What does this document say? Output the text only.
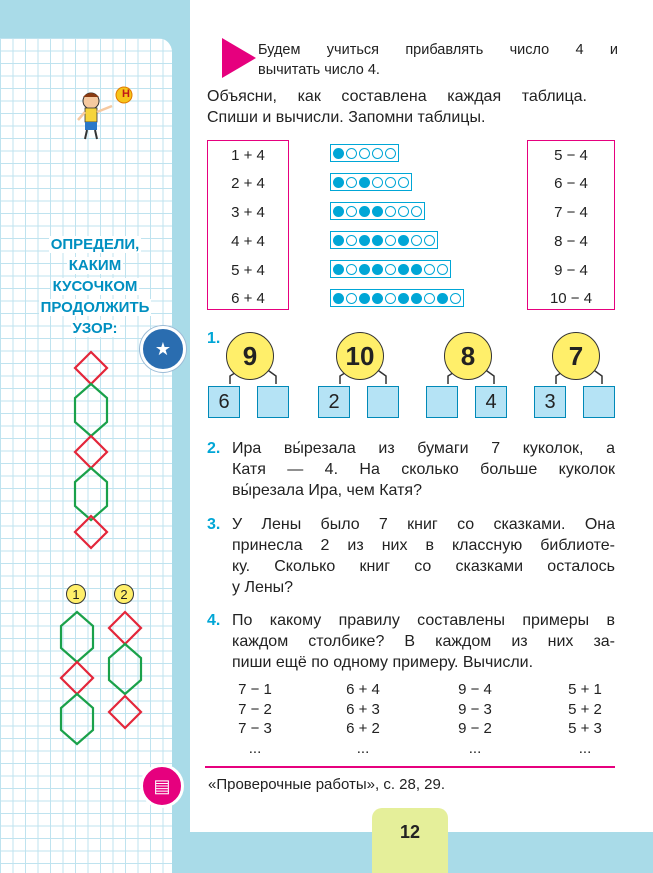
Н
ОПРЕДЕЛИ,
КАКИМ
КУСОЧКОМ
ПРОДОЛЖИТЬ
УЗОР:
★
1	2
▤
Будем учиться прибавлять число 4 и
вычитать число 4.
Объясни, как составлена каждая таблица.
Спиши и вычисли. Запомни таблицы.
1 + 4
2 + 4
3 + 4
4 + 4
5 + 4
6 + 4
5 − 4
6 − 4
7 − 4
8 − 4
9 − 4
10 − 4
1.
9
6
10
2
8
4
7
3
2. Ира вы́резала из бумаги 7 куколок, а
Катя — 4. На сколько больше куколок
вы́резала Ира, чем Катя?
3. У Лены было 7 книг со сказками. Она
принесла 2 из них в классную библиоте-
ку. Сколько книг со сказками осталось
у Лены?
4. По какому правилу составлены примеры в
каждом столбике? В каждом из них за-
пиши ещё по одному примеру. Вычисли.
7 − 1
7 − 2
7 − 3
...
6 + 4
6 + 3
6 + 2
...
9 − 4
9 − 3
9 − 2
...
5 + 1
5 + 2
5 + 3
...
«Проверочные работы», с. 28, 29.
12
